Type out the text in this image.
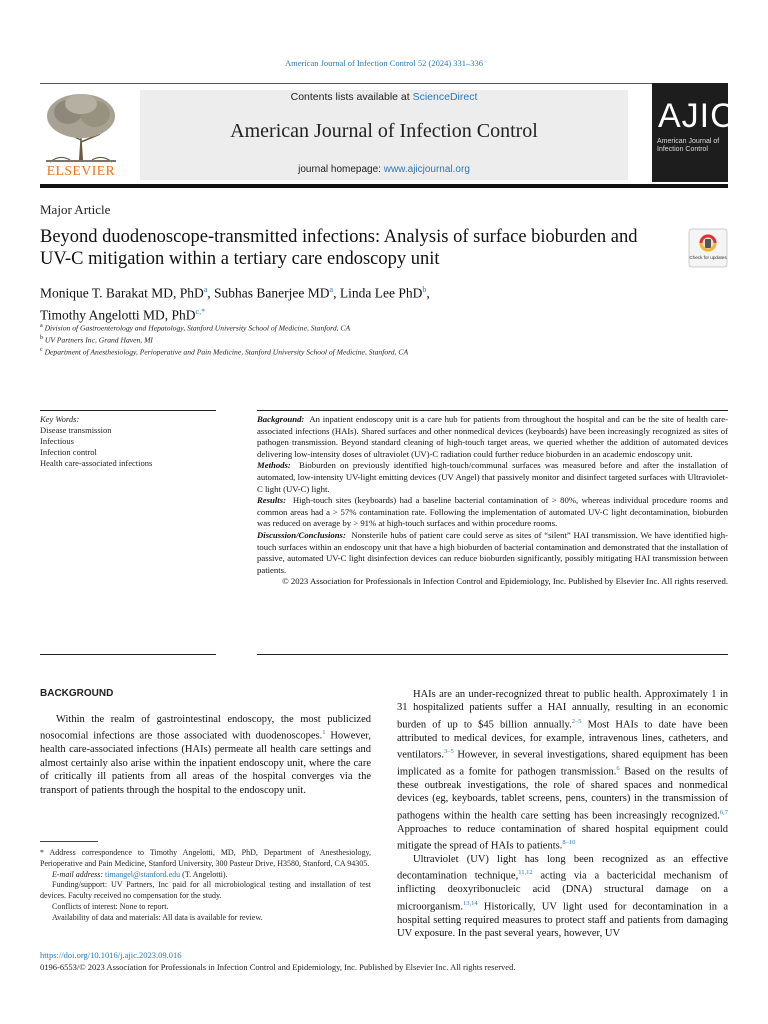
American Journal of Infection Control 52 (2024) 331–336
ELSEVIER
Contents lists available at ScienceDirect
American Journal of Infection Control
journal homepage: www.ajicjournal.org
AJIC
American Journal of Infection Control
Major Article
Beyond duodenoscope-transmitted infections: Analysis of surface bioburden and UV-C mitigation within a tertiary care endoscopy unit	Check for updates
Monique T. Barakat MD, PhD$^a$, Subhas Banerjee $MD^a$, Linda Lee PhD$^b$,
Timothy Angelotti MD, PhD$^{c,*}$
$^a$ Division of Gastroenterology and Hepatology, Stanford University School of Medicine, Stanford, CA
$^b$ UV Partners Inc, Grand Haven, MI
$^c$ Department of Anesthesiology, Perioperative and Pain Medicine, Stanford University School of Medicine, Stanford, CA
Key Words:
Disease transmission
Infectious
Infection control
Health care-associated infections

Background: An inpatient endoscopy unit is a care hub for patients from throughout the hospital and can be the site of health care-associated infections (HAIs). Shared surfaces and other nonmedical devices (keyboards) have been increasingly recognized as sites of pathogen transmission. Beyond standard cleaning of high-touch target areas, we queried whether the addition of automated devices delivering low-intensity doses of ultraviolet (UV)-C radiation could further reduce bioburden in an academic endoscopy unit.

Methods: Bioburden on previously identified high-touch/communal surfaces was measured before and after the installation of automated, low-intensity UV-light emitting devices (UV Angel) that passively monitor and disinfect targeted surfaces with Ultraviolet-C light (UV-C) light.

Results: High-touch sites (keyboards) had a baseline bacterial contamination of > 80%, whereas individual procedure rooms and common areas had a > 57% contamination rate. Following the implementation of automated UV-C light decontamination, bioburden was reduced on average by > 91% at high-touch surfaces and within procedure rooms.

Discussion/Conclusions: Nonsterile hubs of patient care could serve as sites of “silent” HAI transmission. We have identified high-touch surfaces within an endoscopy unit that have a high bioburden of bacterial contamination and demonstrated that the installation of passive, automated UV-C light disinfection devices can reduce bioburden significantly, possibly mitigating HAI transmission between patients.

© 2023 Association for Professionals in Infection Control and Epidemiology, Inc. Published by Elsevier Inc. All rights reserved.

BACKGROUND

Within the realm of gastrointestinal endoscopy, the most publicized nosocomial infections are those associated with duodenoscopes.$^1$ However, health care-associated infections (HAIs) permeate all health care settings and almost certainly also arise within the inpatient endoscopy unit, where the care of critically ill patients from all areas of the hospital converges via the transport of patients through the hospital to the endoscopy unit.

HAIs are an under-recognized threat to public health. Approximately 1 in 31 hospitalized patients suffer a HAI annually, resulting in an economic burden of up to $45 billion annually.$^{2-5}$ Most HAIs to date have been attributed to medical devices, for example, intravenous lines, catheters, and ventilators.$^{3-5}$ However, in several investigations, shared equipment has been implicated as a fomite for pathogen transmission.$^6$ Based on the results of these outbreak investigations, the role of shared spaces and nonmedical devices (eg, keyboards, tablet screens, pens, counters) in the transmission of pathogens within the health care setting has been increasingly recognized.$^{6,7}$ Approaches to reduce contamination of shared hospital equipment could mitigate the spread of HAIs to patients.$^{8-10}$

Ultraviolet (UV) light has long been recognized as an effective decontamination technique,$^{11,12}$ acting via a bactericidal mechanism of inflicting deoxyribonucleic acid (DNA) structural damage on a microorganism.$^{13,14}$ Historically, UV light used for decontamination in a hospital setting required measures to protect staff and patients from damaging UV exposure. In the past several years, however, UV

* Address correspondence to Timothy Angelotti, MD, PhD, Department of Anesthesiology, Perioperative and Pain Medicine, Stanford University, 300 Pasteur Drive, H3580, Stanford, CA 94305.

E-mail address: timangel@stanford.edu (T. Angelotti).

Funding/support: UV Partners, Inc paid for all microbiological testing and installation of test devices. Faculty received no compensation for the study.

Conflicts of interest: None to report.

Availability of data and materials: All data is available for review.

https://doi.org/10.1016/j.ajic.2023.09.016
0196-6553/© 2023 Association for Professionals in Infection Control and Epidemiology, Inc. Published by Elsevier Inc. All rights reserved.
